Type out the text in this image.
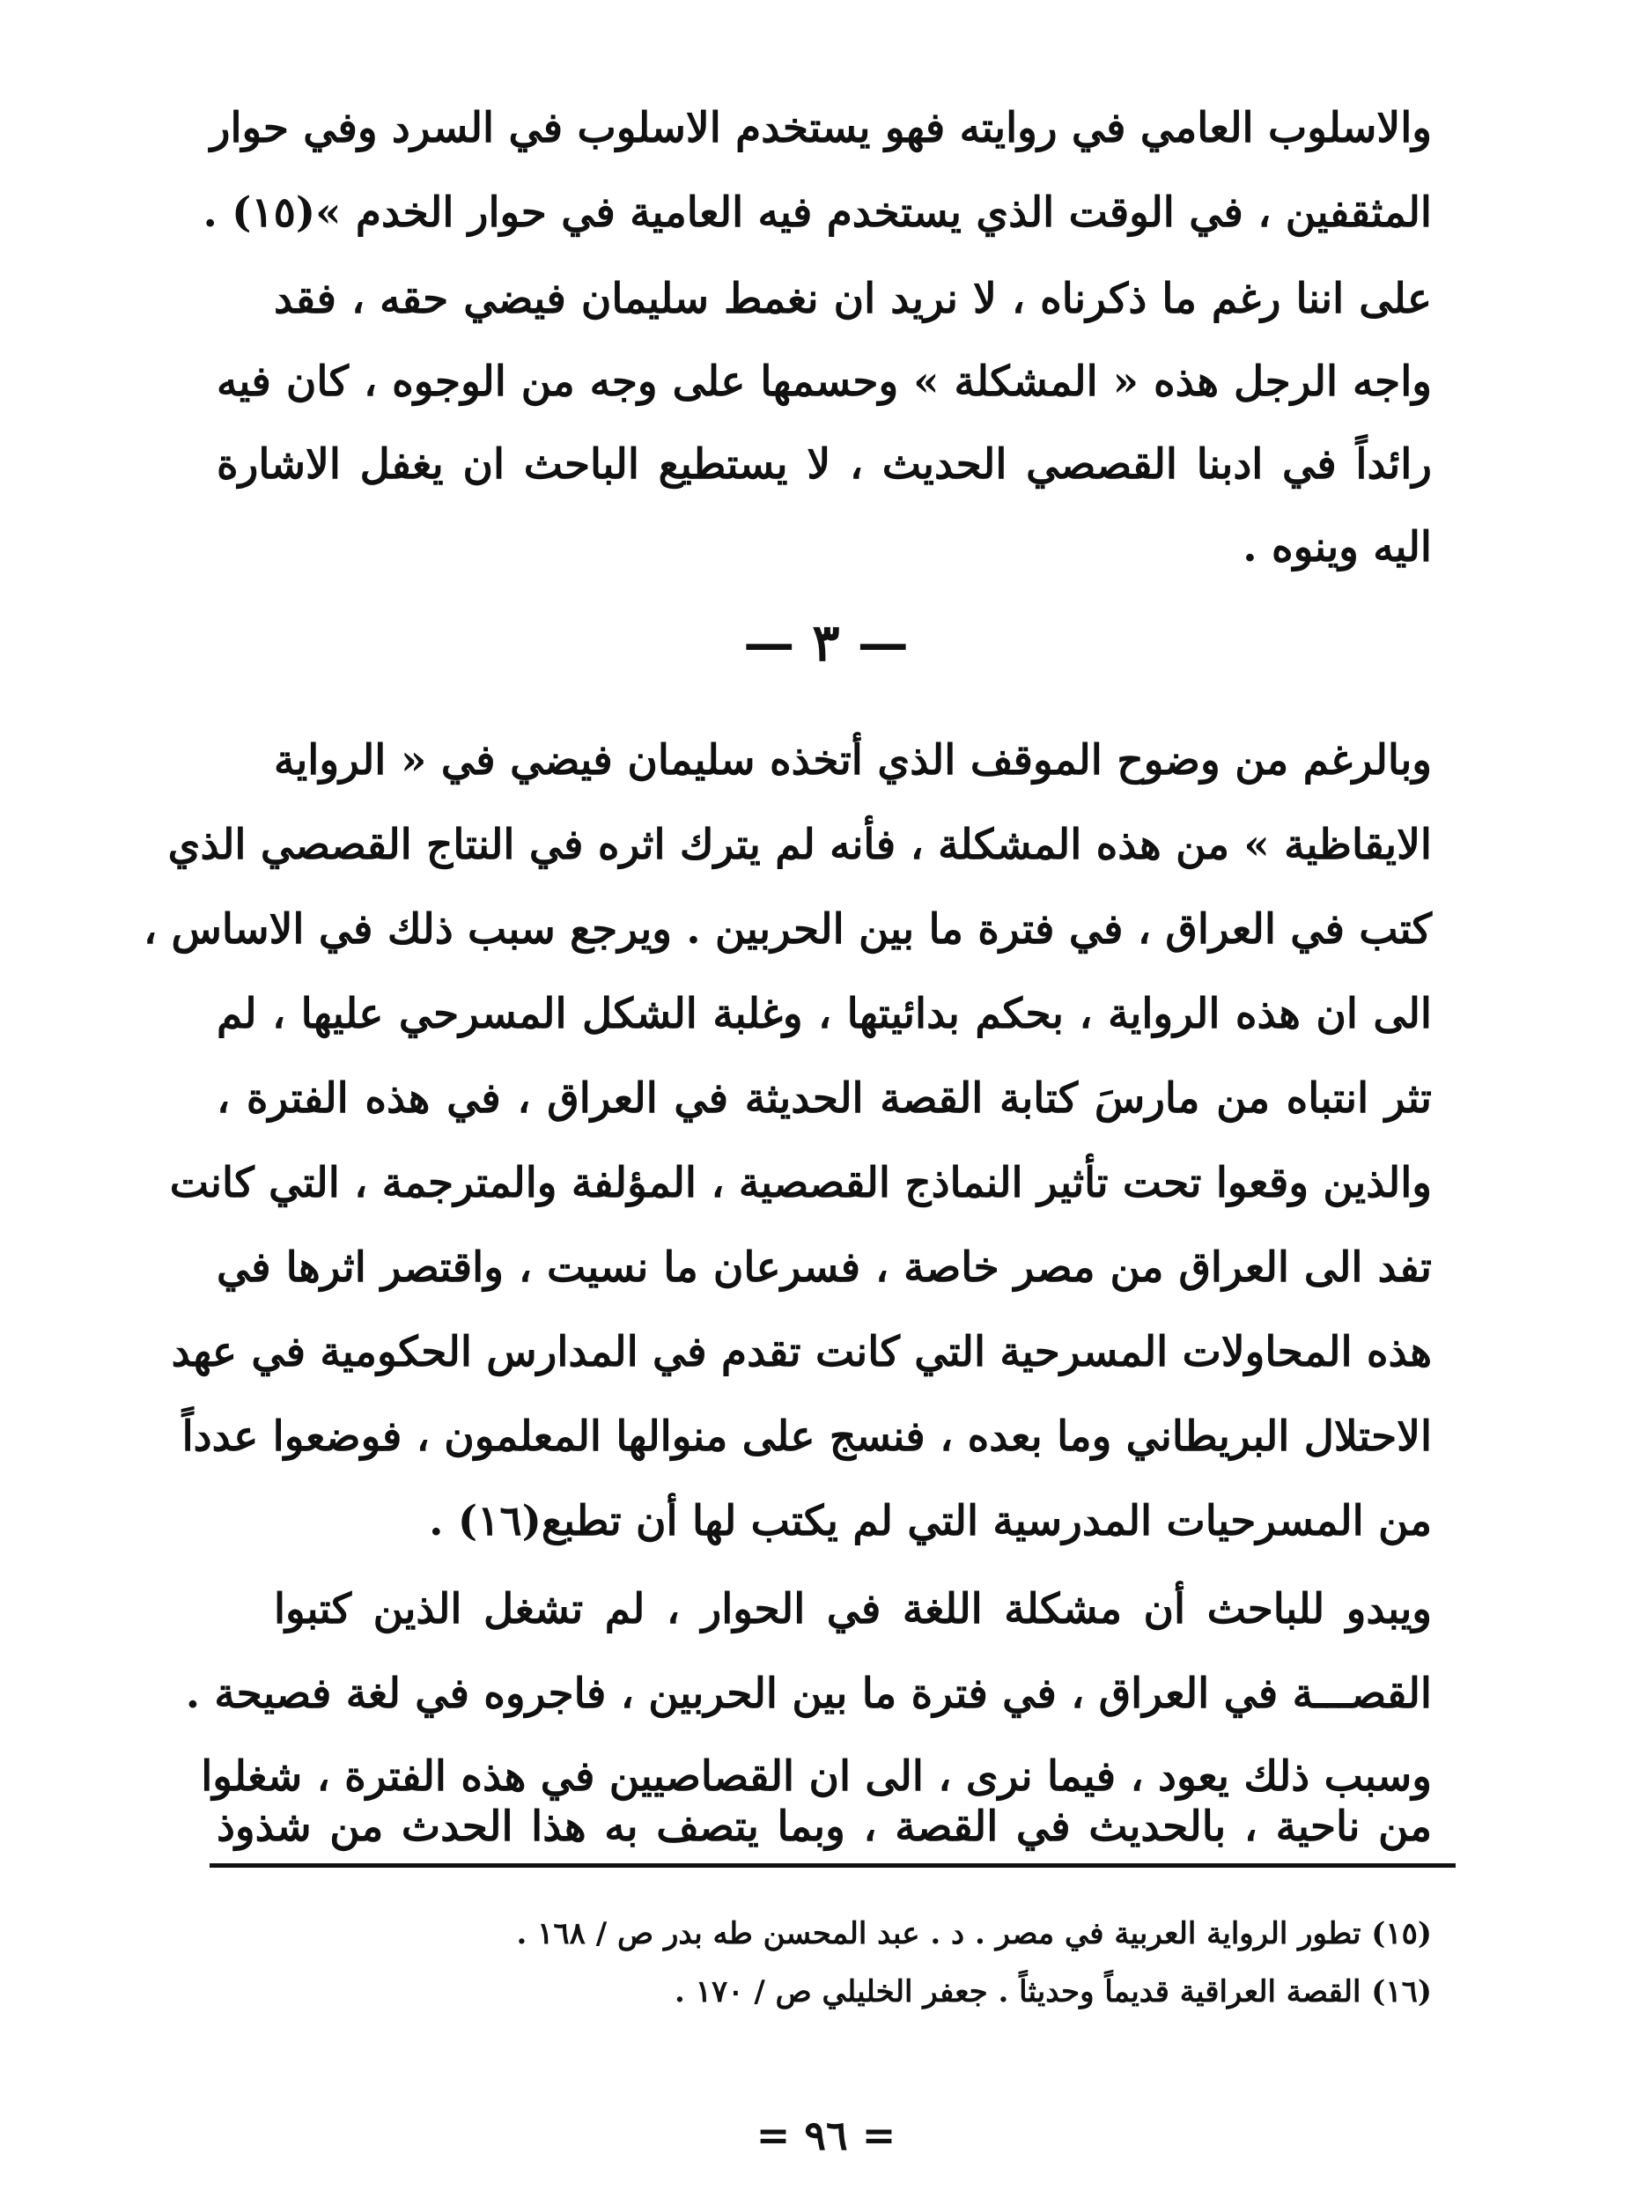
والاسلوب العامي في روايته فهو يستخدم الاسلوب في السرد وفي حوار
المثقفين ، في الوقت الذي يستخدم فيه العامية في حوار الخدم »(١٥) .
على اننا رغم ما ذكرناه ، لا نريد ان نغمط سليمان فيضي حقه ، فقد
واجه الرجل هذه « المشكلة » وحسمها على وجه من الوجوه ، كان فيه
رائداً في ادبنا القصصي الحديث ، لا يستطيع الباحث ان يغفل الاشارة
اليه وينوه .
— ٣ —
وبالرغم من وضوح الموقف الذي أتخذه سليمان فيضي في « الرواية
الايقاظية » من هذه المشكلة ، فأنه لم يترك اثره في النتاج القصصي الذي
كتب في العراق ، في فترة ما بين الحربين . ويرجع سبب ذلك في الاساس ،
الى ان هذه الرواية ، بحكم بدائيتها ، وغلبة الشكل المسرحي عليها ، لم
تثر انتباه من مارسَ كتابة القصة الحديثة في العراق ، في هذه الفترة ،
والذين وقعوا تحت تأثير النماذج القصصية ، المؤلفة والمترجمة ، التي كانت
تفد الى العراق من مصر خاصة ، فسرعان ما نسيت ، واقتصر اثرها في
هذه المحاولات المسرحية التي كانت تقدم في المدارس الحكومية في عهد
الاحتلال البريطاني وما بعده ، فنسج على منوالها المعلمون ، فوضعوا عدداً
من المسرحيات المدرسية التي لم يكتب لها أن تطبع(١٦) .
ويبدو للباحث أن مشكلة اللغة في الحوار ، لم تشغل الذين كتبوا
القصـــة في العراق ، في فترة ما بين الحربين ، فاجروه في لغة فصيحة .
وسبب ذلك يعود ، فيما نرى ، الى ان القصاصيين في هذه الفترة ، شغلوا
(١٥) تطور الرواية العربية في مصر . د . عبد المحسن طه بدر ص / ١٦٨ .
(١٦) القصة العراقية قديماً وحديثاً . جعفر الخليلي ص / ١٧٠ .
= ٩٦ =
من ناحية ، بالحديث في القصة ، وبما يتصف به هذا الحدث من شذوذ
